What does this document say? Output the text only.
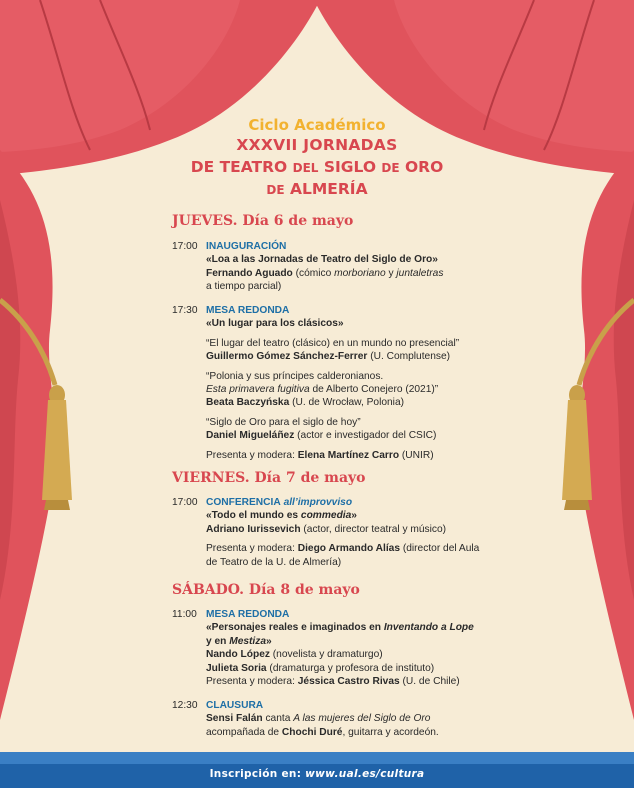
Ciclo Académico
XXXVII JORNADAS
DE TEATRO DEL SIGLO DE ORO
DE ALMERÍA
JUEVES. Día 6 de mayo
17:00 INAUGURACIÓN
«Loa a las Jornadas de Teatro del Siglo de Oro»
Fernando Aguado (cómico morboriano y juntaletras
a tiempo parcial)
17:30 MESA REDONDA
«Un lugar para los clásicos»
“El lugar del teatro (clásico) en un mundo no presencial”
Guillermo Gómez Sánchez-Ferrer (U. Complutense)
“Polonia y sus príncipes calderonianos.
Esta primavera fugitiva de Alberto Conejero (2021)”
Beata Baczyńska (U. de Wrocław, Polonia)
“Siglo de Oro para el siglo de hoy”
Daniel Migueláñez (actor e investigador del CSIC)
Presenta y modera: Elena Martínez Carro (UNIR)
VIERNES. Día 7 de mayo
17:00 CONFERENCIA all’improvviso
«Todo el mundo es commedia»
Adriano Iurissevich (actor, director teatral y músico)
Presenta y modera: Diego Armando Alías (director del Aula
de Teatro de la U. de Almería)
SÁBADO. Día 8 de mayo
11:00 MESA REDONDA
«Personajes reales e imaginados en Inventando a Lope
y en Mestiza»
Nando López (novelista y dramaturgo)
Julieta Soria (dramaturga y profesora de instituto)
Presenta y modera: Jéssica Castro Rivas (U. de Chile)
12:30 CLAUSURA
Sensi Falán canta A las mujeres del Siglo de Oro
acompañada de Chochi Duré, guitarra y acordeón.
Inscripción en: www.ual.es/cultura
